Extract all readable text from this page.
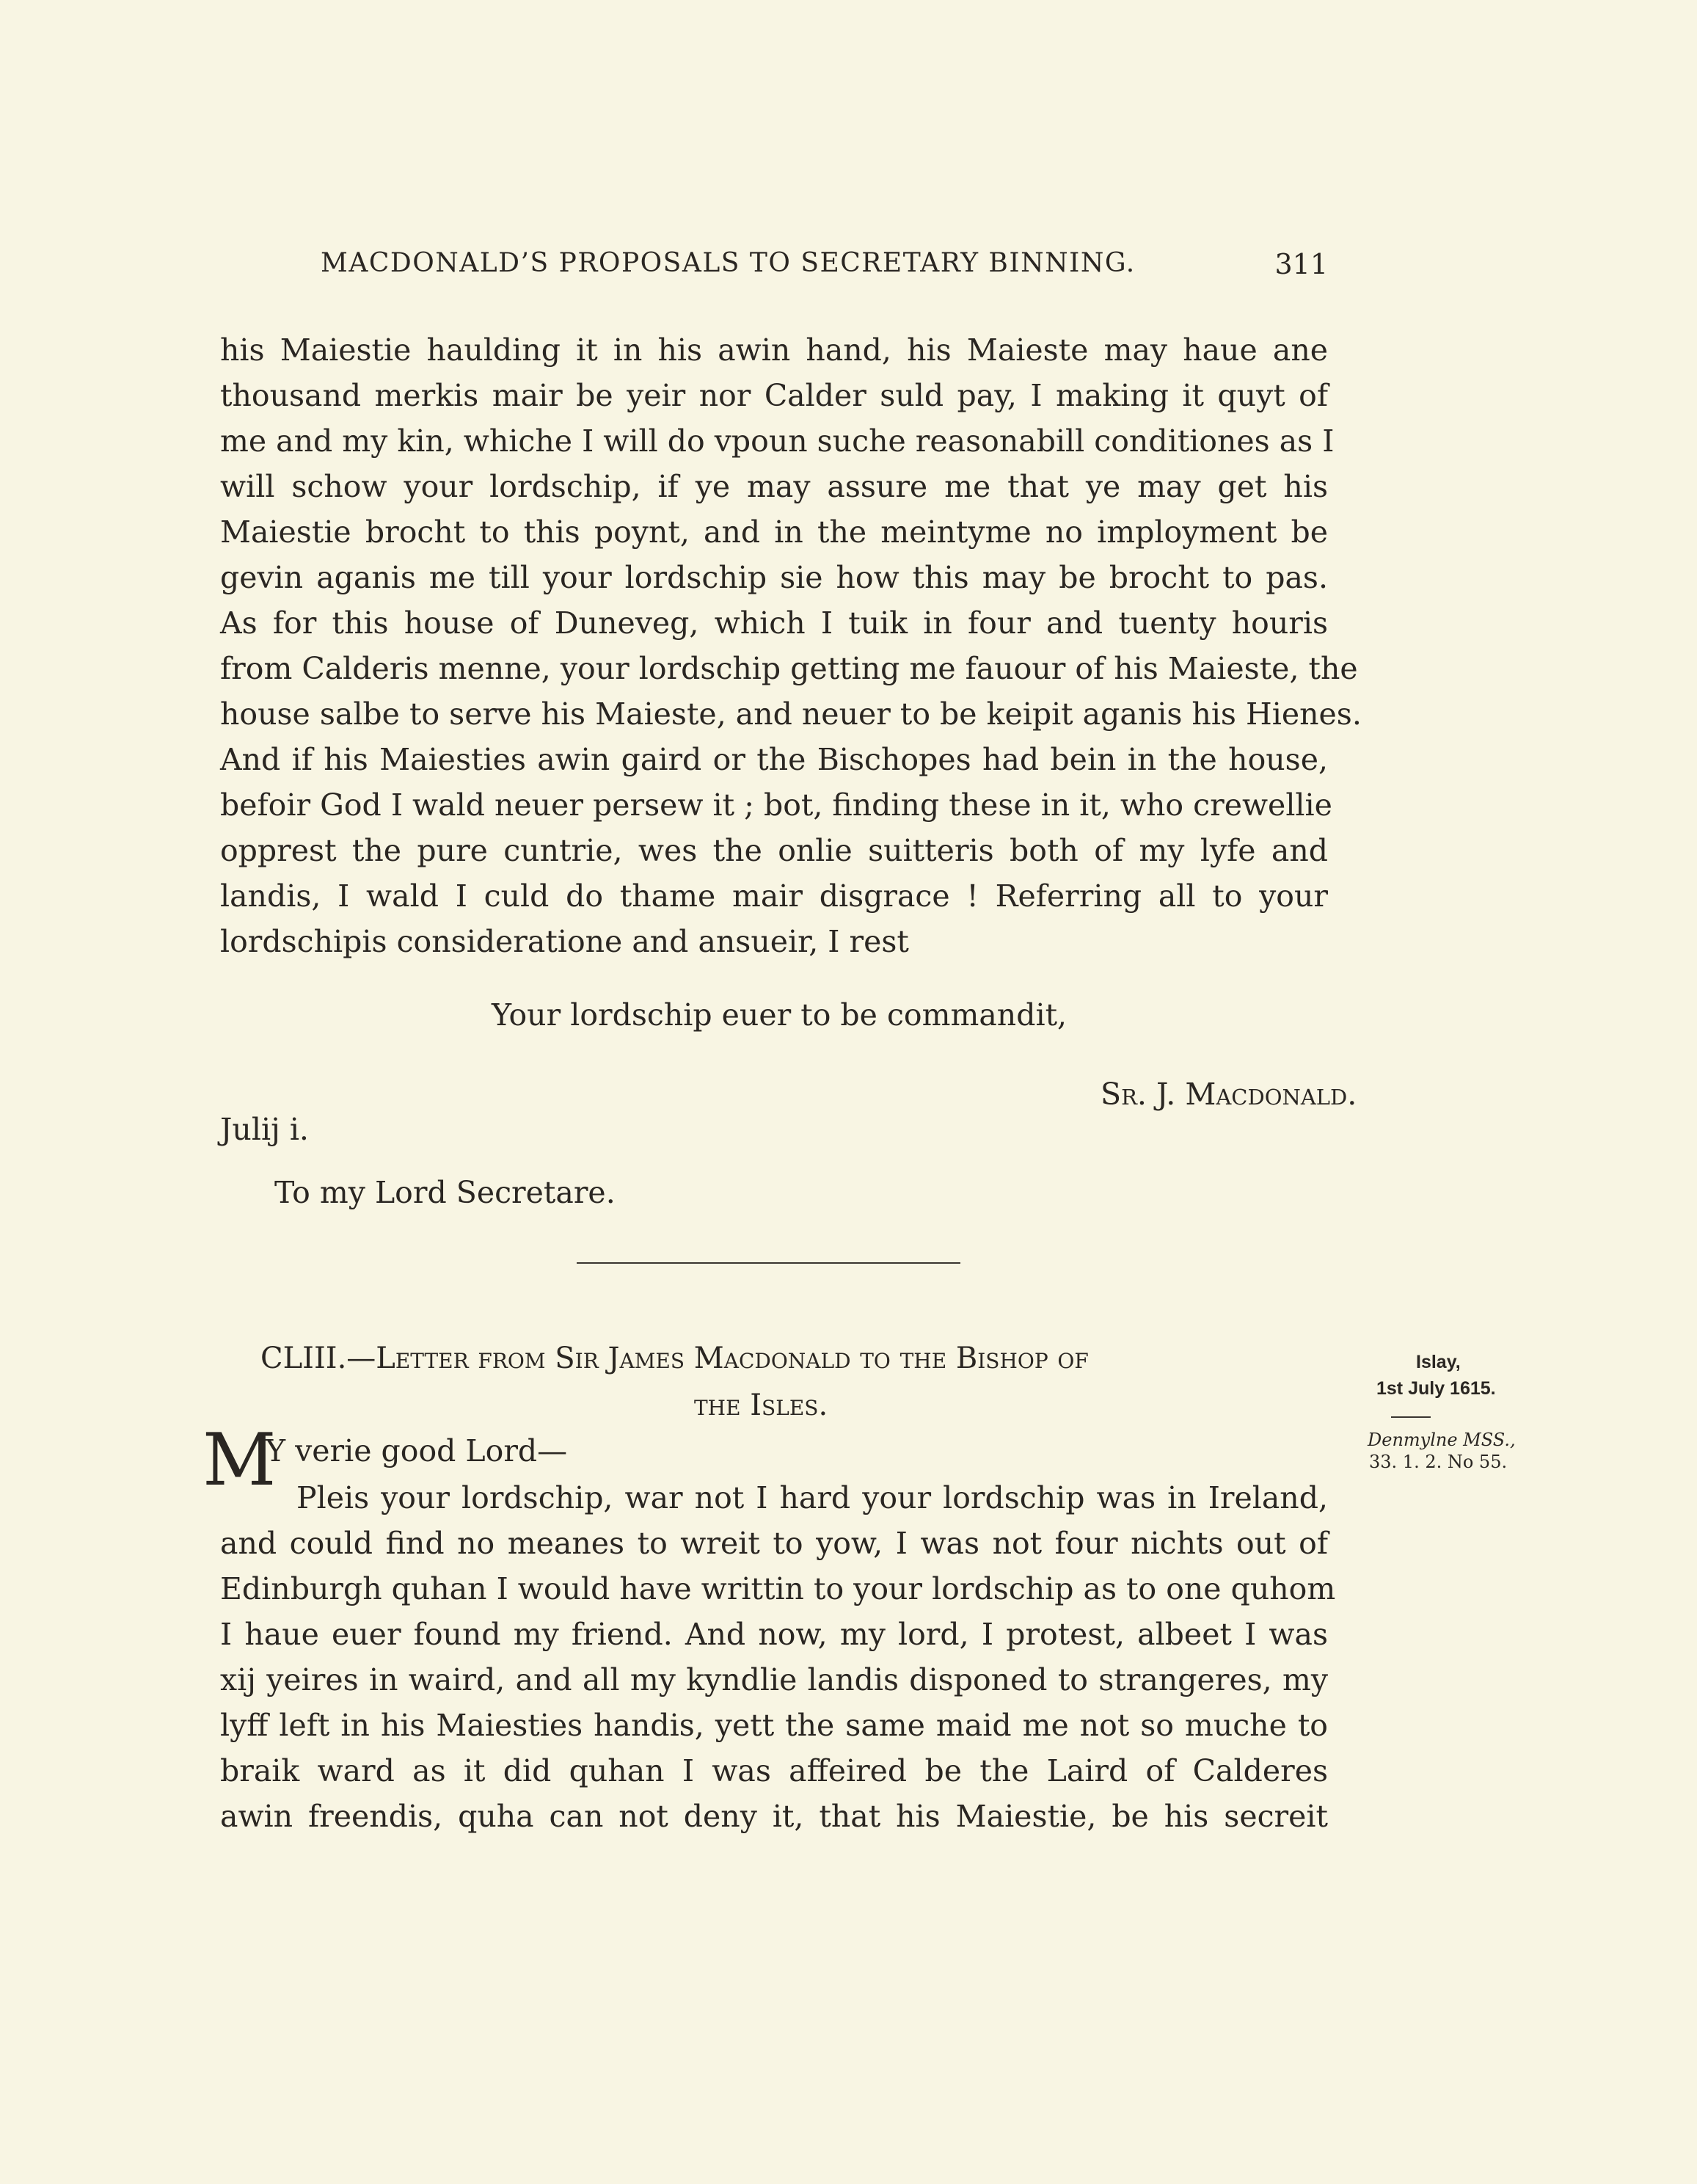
MACDONALD’S PROPOSALS TO SECRETARY BINNING.	311
his Maiestie haulding it in his awin hand, his Maieste may haue ane
thousand merkis mair be yeir nor Calder suld pay, I making it quyt of
me and my kin, whiche I will do vpoun suche reasonabill conditiones as I
will schow your lordschip, if ye may assure me that ye may get his
Maiestie brocht to this poynt, and in the meintyme no imployment be
gevin aganis me till your lordschip sie how this may be brocht to pas.
As for this house of Duneveg, which I tuik in four and tuenty houris
from Calderis menne, your lordschip getting me fauour of his Maieste, the
house salbe to serve his Maieste, and neuer to be keipit aganis his Hienes.
And if his Maiesties awin gaird or the Bischopes had bein in the house,
befoir God I wald neuer persew it ; bot, finding these in it, who crewellie
opprest the pure cuntrie, wes the onlie suitteris both of my lyfe and
landis, I wald I culd do thame mair disgrace ! Referring all to your
lordschipis consideratione and ansueir, I rest
Your lordschip euer to be commandit,
Sr. J. Macdonald.
Julij i.
To my Lord Secretare.
CLIII.—Letter from Sir James Macdonald to the Bishop of
the Isles.
Islay,
1st July 1615.
Denmylne MSS.,
33. 1. 2. No 55.
M
Y verie good Lord—
Pleis your lordschip, war not I hard your lordschip was in Ireland,
and could find no meanes to wreit to yow, I was not four nichts out of
Edinburgh quhan I would have writtin to your lordschip as to one quhom
I haue euer found my friend. And now, my lord, I protest, albeet I was
xij yeires in waird, and all my kyndlie landis disponed to strangeres, my
lyff left in his Maiesties handis, yett the same maid me not so muche to
braik ward as it did quhan I was affeired be the Laird of Calderes
awin freendis, quha can not deny it, that his Maiestie, be his secreit
